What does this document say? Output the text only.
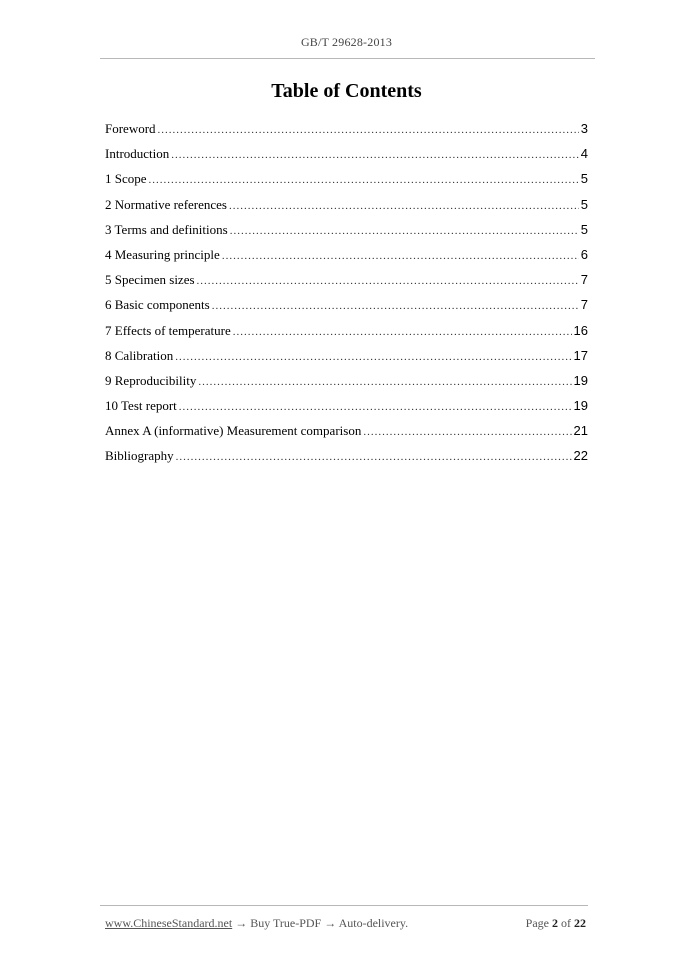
GB/T 29628-2013
Table of Contents
Foreword .....	3
Introduction .....	4
1 Scope .....	5
2 Normative references .....	5
3 Terms and definitions .....	5
4 Measuring principle .....	6
5 Specimen sizes .....	7
6 Basic components .....	7
7 Effects of temperature .....	16
8 Calibration .....	17
9 Reproducibility .....	19
10 Test report .....	19
Annex A (informative) Measurement comparison .....	21
Bibliography .....	22
www.ChineseStandard.net → Buy True-PDF → Auto-delivery.	Page 2 of 22
